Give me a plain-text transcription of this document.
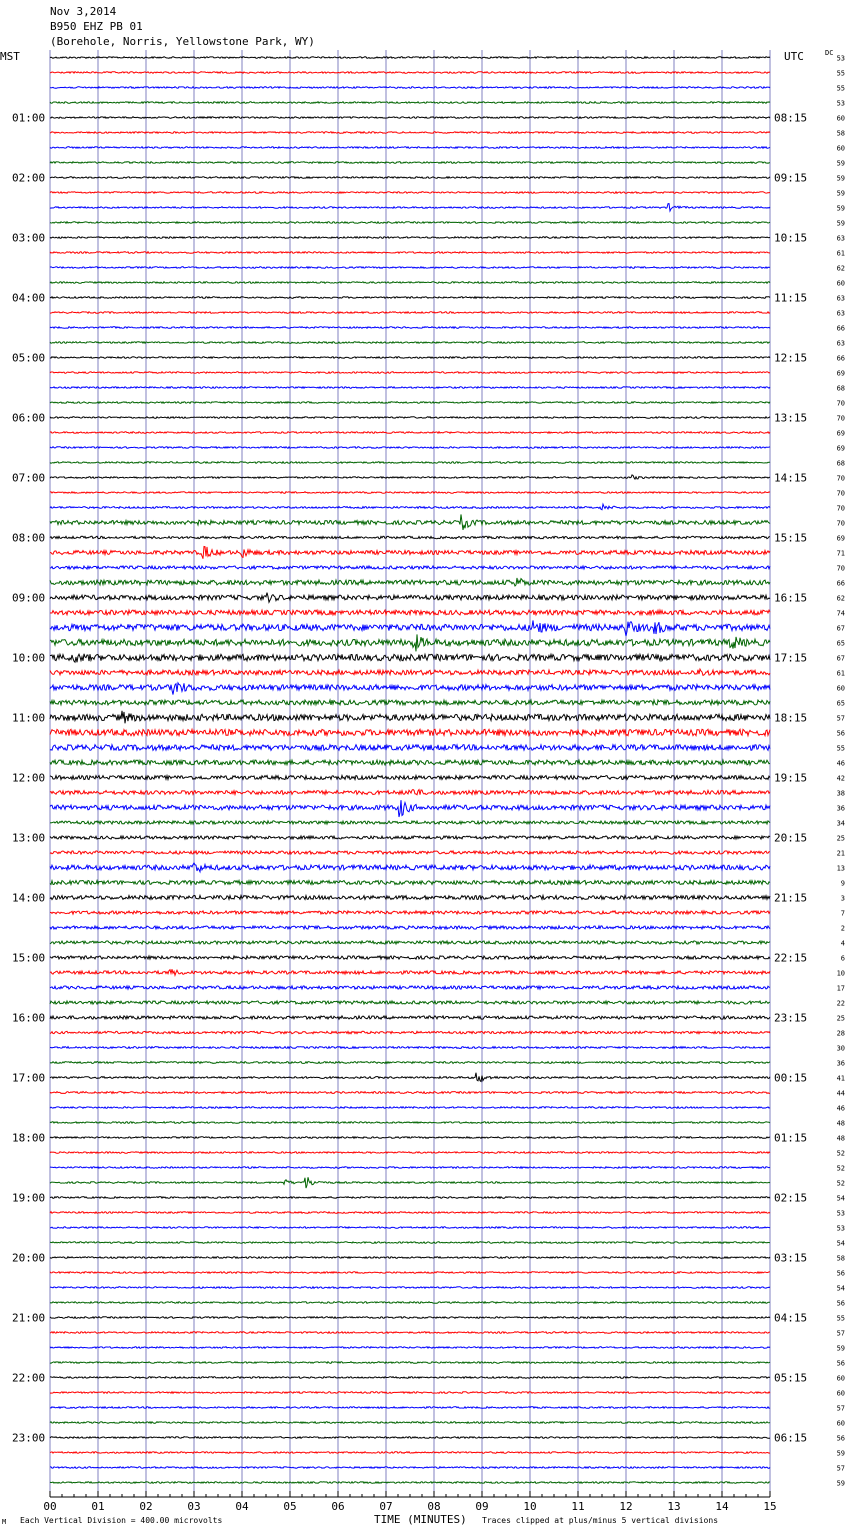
Nov 3,2014
B950 EHZ PB 01
(Borehole, Norris, Yellowstone Park, WY)
00	01	02	03	04	05	06	07	08	09	10	11	12	13	14	15
01:00
02:00
03:00
04:00
05:00
06:00
07:00
08:00
09:00
10:00
11:00
12:00
13:00
14:00
15:00
16:00
17:00
18:00
19:00
20:00
21:00
22:00
23:00
08:15
09:15
10:15
11:15
12:15
13:15
14:15
15:15
16:15
17:15
18:15
19:15
20:15
21:15
22:15
23:15
00:15
01:15
02:15
03:15
04:15
05:15
06:15
53
55
55
53
60
58
60
59
59
59
59
59
63
61
62
60
63
63
66
63
66
69
68
70
70
69
69
68
70
70
70
70
69
71
70
66
62
74
67
65
67
61
60
65
57
56
55
46
42
38
36
34
25
21
13
9
3
7
2
4
6
10
17
22
25
28
30
36
41
44
46
48
48
52
52
52
54
53
53
54
58
56
54
56
55
57
59
56
60
60
57
60
56
59
57
59
MST	UTC	DC
M Each Vertical Division = 400.00 microvolts	TIME (MINUTES) Traces clipped at plus/minus 5 vertical divisions
